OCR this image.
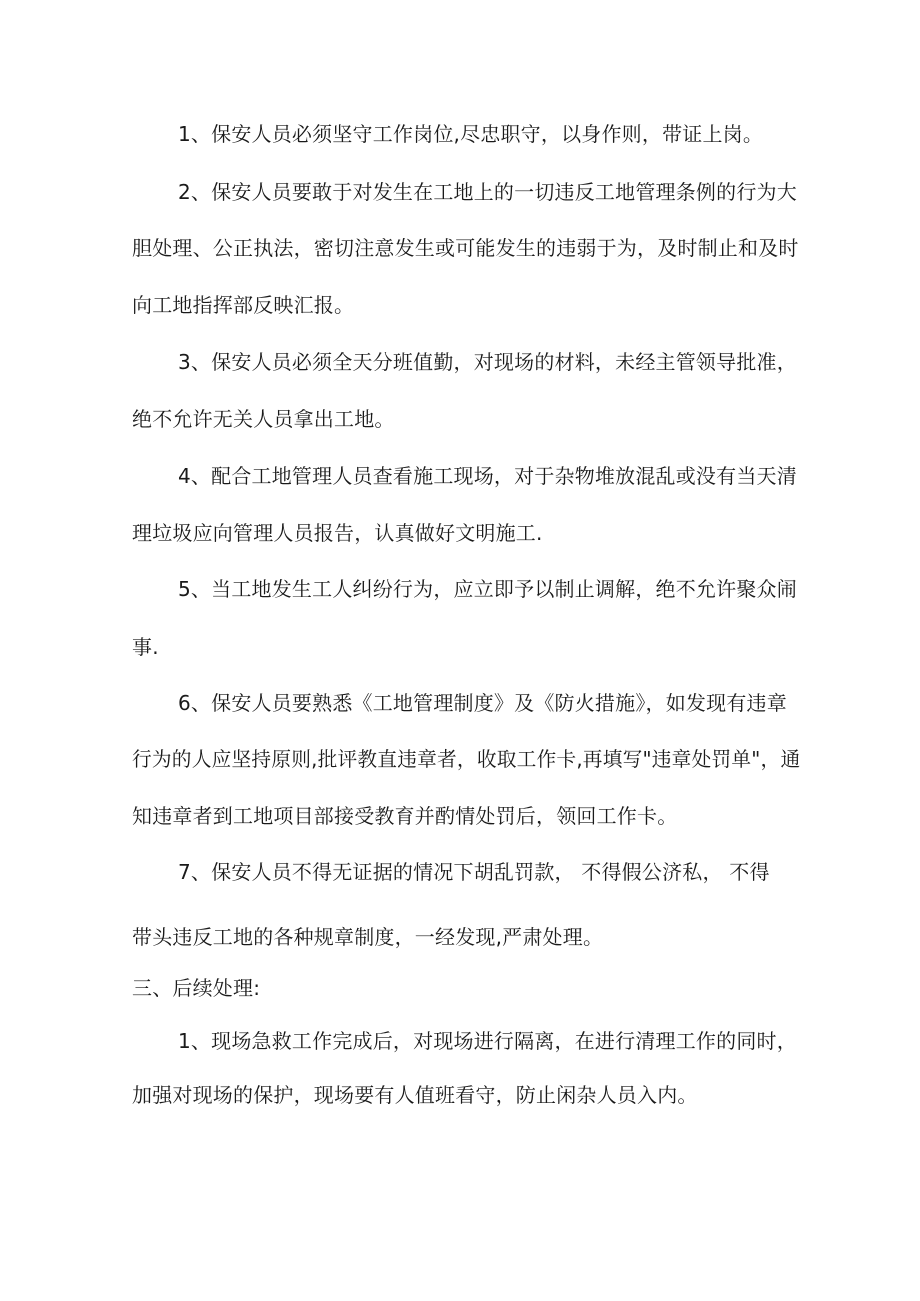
1、保安人员必须坚守工作岗位,尽忠职守，以身作则，带证上岗。
2、保安人员要敢于对发生在工地上的一切违反工地管理条例的行为大
胆处理、公正执法，密切注意发生或可能发生的违弱于为，及时制止和及时
向工地指挥部反映汇报。
3、保安人员必须全天分班值勤，对现场的材料，未经主管领导批准，
绝不允许无关人员拿出工地。
4、配合工地管理人员查看施工现场，对于杂物堆放混乱或没有当天清
理垃圾应向管理人员报告，认真做好文明施工.
5、当工地发生工人纠纷行为，应立即予以制止调解，绝不允许聚众闹
事.
6、保安人员要熟悉《工地管理制度》及《防火措施》，如发现有违章
行为的人应坚持原则,批评教直违章者，收取工作卡,再填写"违章处罚单"，通
知违章者到工地项目部接受教育并酌情处罚后，领回工作卡。
7、保安人员不得无证据的情况下胡乱罚款， 不得假公济私， 不得
带头违反工地的各种规章制度，一经发现,严肃处理。
三、后续处理:
1、现场急救工作完成后，对现场进行隔离，在进行清理工作的同时，
加强对现场的保护，现场要有人值班看守，防止闲杂人员入内。
